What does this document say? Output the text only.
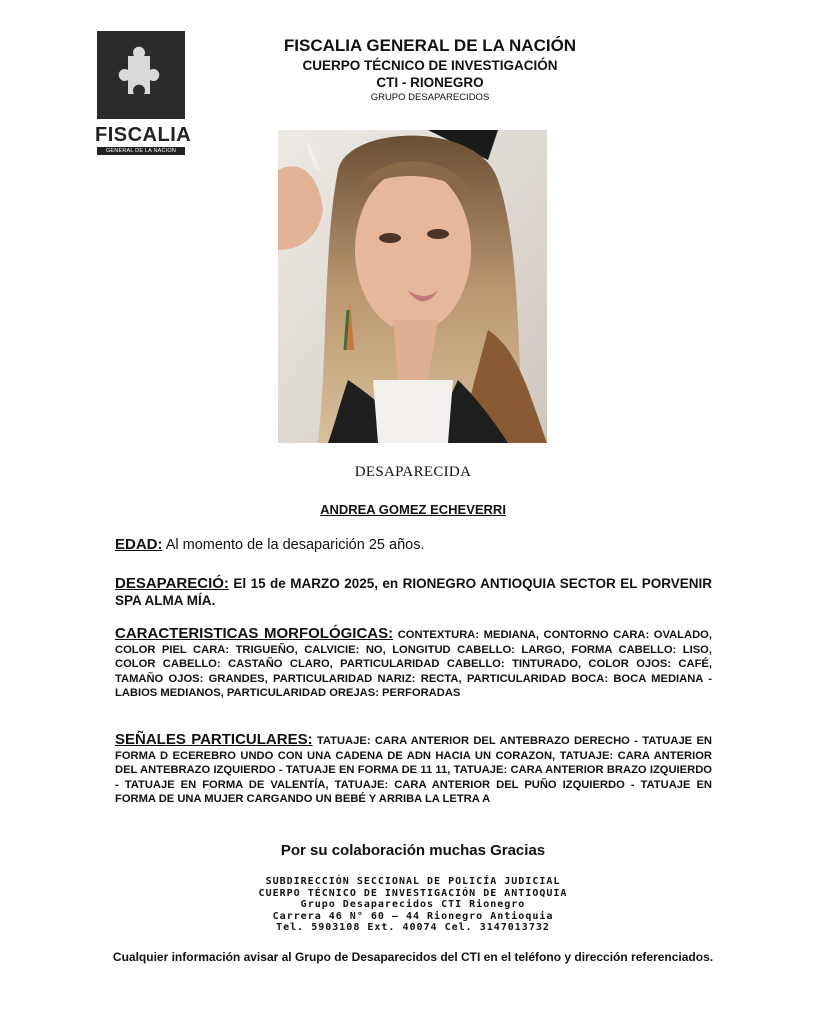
FISCALIA
GENERAL DE LA NACION
FISCALIA GENERAL DE LA NACIÓN
CUERPO TÉCNICO DE INVESTIGACIÓN
CTI - RIONEGRO
GRUPO DESAPARECIDOS
DESAPARECIDA
ANDREA GOMEZ ECHEVERRI
EDAD: Al momento de la desaparición 25 años.
DESAPARECIÓ: El 15 de MARZO 2025, en RIONEGRO ANTIOQUIA SECTOR EL PORVENIR SPA ALMA MÍA.
CARACTERISTICAS MORFOLÓGICAS: CONTEXTURA: MEDIANA, CONTORNO CARA: OVALADO, COLOR PIEL CARA: TRIGUEÑO, CALVICIE: NO, LONGITUD CABELLO: LARGO, FORMA CABELLO: LISO, COLOR CABELLO: CASTAÑO CLARO, PARTICULARIDAD CABELLO: TINTURADO, COLOR OJOS: CAFÉ, TAMAÑO OJOS: GRANDES, PARTICULARIDAD NARIZ: RECTA, PARTICULARIDAD BOCA: BOCA MEDIANA - LABIOS MEDIANOS, PARTICULARIDAD OREJAS: PERFORADAS
SEÑALES PARTICULARES: TATUAJE: CARA ANTERIOR DEL ANTEBRAZO DERECHO - TATUAJE EN FORMA D ECEREBRO UNDO CON UNA CADENA DE ADN HACIA UN CORAZON, TATUAJE: CARA ANTERIOR DEL ANTEBRAZO IZQUIERDO - TATUAJE EN FORMA DE 11 11, TATUAJE: CARA ANTERIOR BRAZO IZQUIERDO - TATUAJE EN FORMA DE VALENTÍA, TATUAJE: CARA ANTERIOR DEL PUÑO IZQUIERDO - TATUAJE EN FORMA DE UNA MUJER CARGANDO UN BEBÉ Y ARRIBA LA LETRA A
Por su colaboración muchas Gracias
SUBDIRECCIÓN SECCIONAL DE POLICÍA JUDICIAL
CUERPO TÉCNICO DE INVESTIGACIÓN DE ANTIOQUIA
Grupo Desaparecidos CTI Rionegro
Carrera 46 N° 60 – 44 Rionegro Antioquia
Tel. 5903108 Ext. 40074 Cel. 3147013732
Cualquier información avisar al Grupo de Desaparecidos del CTI en el teléfono y dirección referenciados.
